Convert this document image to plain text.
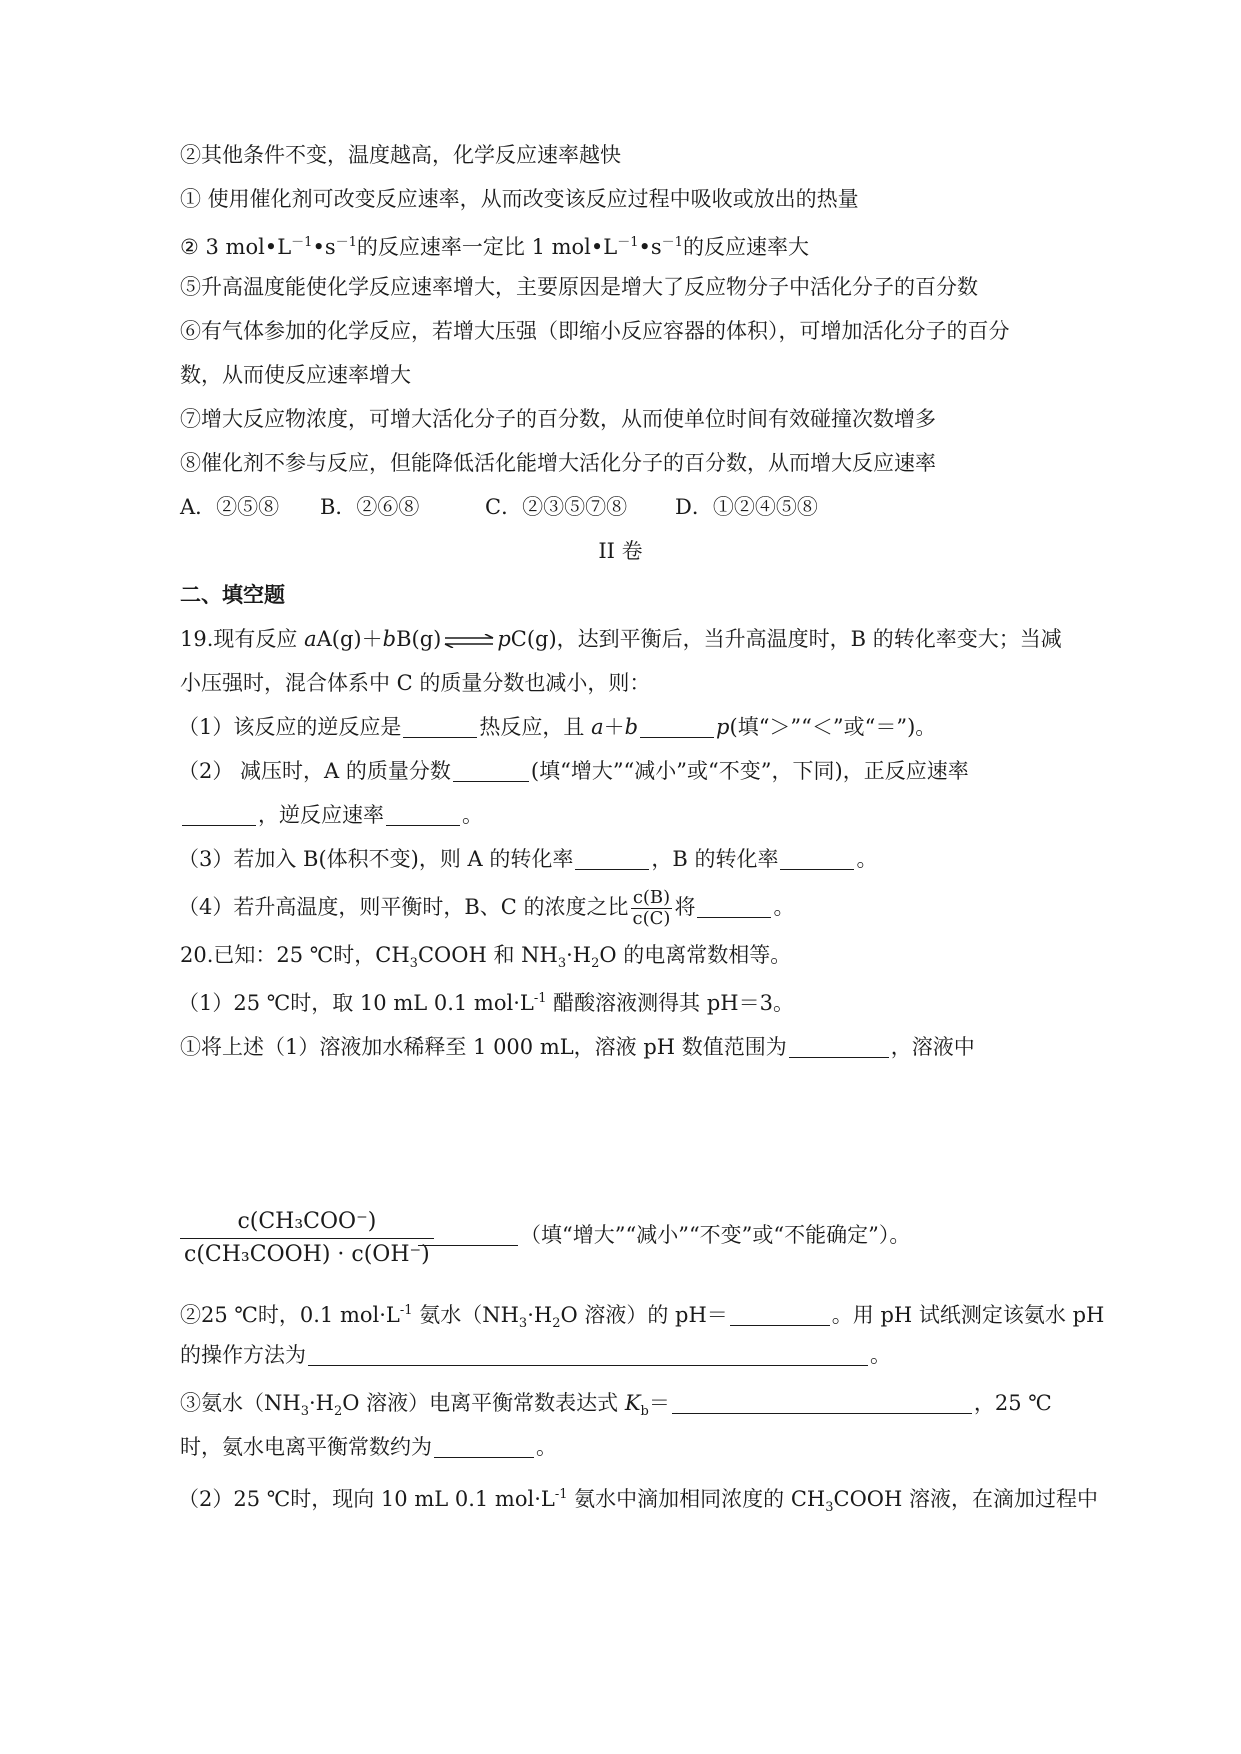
②其他条件不变，温度越高，化学反应速率越快
① 使用催化剂可改变反应速率，从而改变该反应过程中吸收或放出的热量
② 3 $mol•L^{-1}•s^{-1}$的反应速率一定比 1 $mol•L^{-1}•s^{-1}$的反应速率大
⑤升高温度能使化学反应速率增大，主要原因是增大了反应物分子中活化分子的百分数
⑥有气体参加的化学反应，若增大压强（即缩小反应容器的体积），可增加活化分子的百分
数，从而使反应速率增大
⑦增大反应物浓度，可增大活化分子的百分数，从而使单位时间有效碰撞次数增多
⑧催化剂不参与反应，但能降低活化能增大活化分子的百分数，从而增大反应速率
A．②⑤⑧ B．②⑥⑧	C．②③⑤⑦⑧ D．①②④⑤⑧
II 卷
二、填空题
19.现有反应 aA(g)＋bB(g) ⇌ pC(g)，达到平衡后，当升高温度时，B 的转化率变大；当减
小压强时，混合体系中 C 的质量分数也减小，则：
（1）该反应的逆反应是	热反应，且 a＋b	p(填“＞”“＜”或“＝”)。
（2） 减压时，A 的质量分数	(填“增大”“减小”或“不变”，下同)，正反应速率
，逆反应速率	。
（3）若加入 B(体积不变)，则 A 的转化率	，B 的转化率	。
（4）若升高温度，则平衡时，B、C 的浓度之比 $\frac{c(B)}{c(C)}$ 将	。
20.已知：25 ℃时，$CH_3COOH$ 和 $NH_3\cdot H_2O$ 的电离常数相等。
（1）25 ℃时，取 10 mL 0.1 $mol\cdot L^{-1}$ 醋酸溶液测得其 pH＝3。
①将上述（1）溶液加水稀释至 1 000 mL，溶液 pH 数值范围为	，溶液中
c(CH₃COO⁻)
c(CH₃COOH) · c(OH⁻)
（填“增大”“减小”“不变”或“不能确定”）。
②25 ℃时，0.1 $mol\cdot L^{-1}$ 氨水（$NH_3\cdot H_2O$ 溶液）的 pH＝	。用 pH 试纸测定该氨水 pH
的操作方法为	。
③氨水（$NH_3\cdot H_2O$ 溶液）电离平衡常数表达式 $K_b=$	，25 ℃
时，氨水电离平衡常数约为	。
（2）25 ℃时，现向 10 mL 0.1 $mol\cdot L^{-1}$ 氨水中滴加相同浓度的 $CH_3COOH$ 溶液，在滴加过程中
